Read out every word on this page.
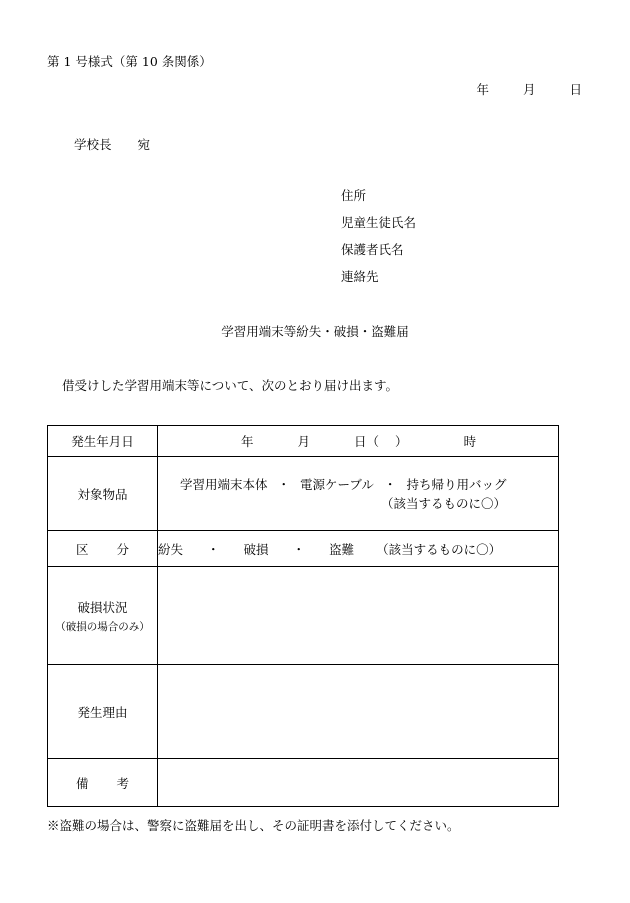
第 1 号様式（第 10 条関係）
年	月	日
学校長 宛
住所
児童生徒氏名
保護者氏名
連絡先
学習用端末等紛失・破損・盗難届
借受けした学習用端末等について、次のとおり届け出ます。
発生年月日	年 月 日（ ） 時
対象物品	学習用端末本体 ・ 電源ケーブル ・ 持ち帰り用バッグ
（該当するものに〇）

区 分	紛失 ・ 破損 ・ 盗難 （該当するものに〇）
破損状況
（破損の場合のみ）	

発生理由	
備 考	
※盗難の場合は、警察に盗難届を出し、その証明書を添付してください。
